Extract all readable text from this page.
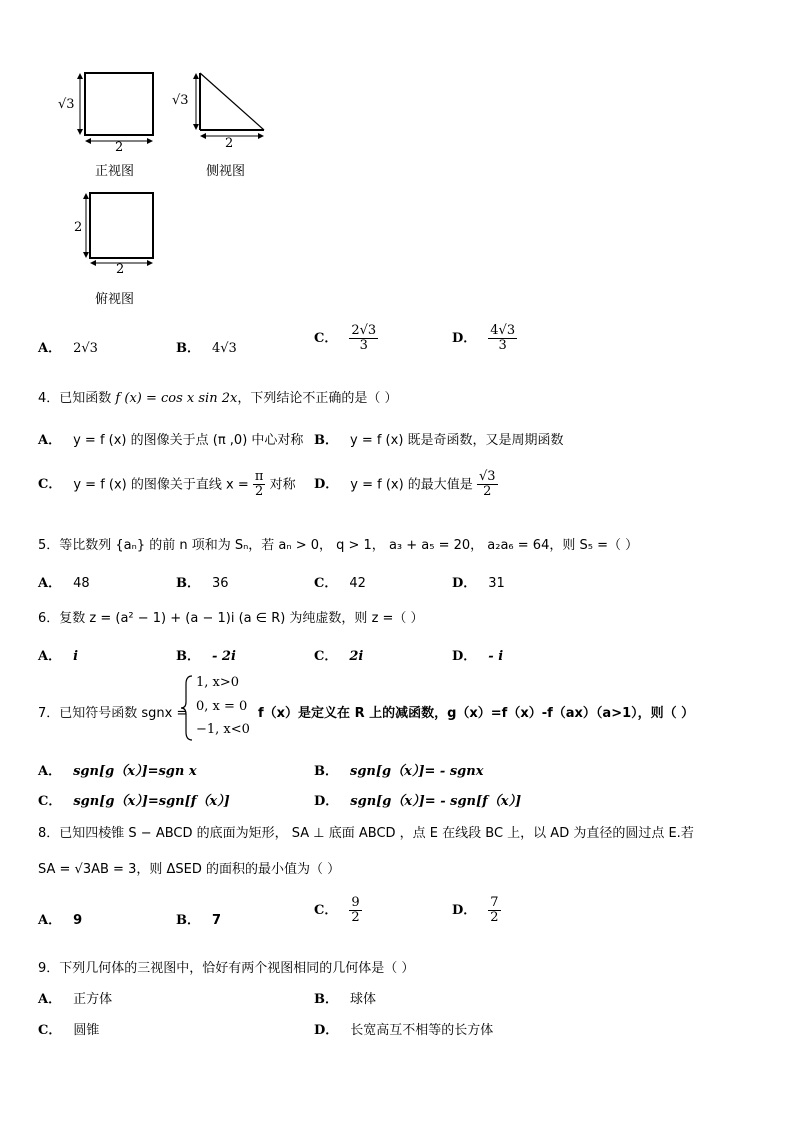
√3
2
正视图
√3
2
侧视图
2
2
俯视图
A． 2√3	B． 4√3
C． $\frac{2√3}{3}$	D． $\frac{4√3}{3}$
4．已知函数 f (x) = cos x sin 2x，下列结论不正确的是（ ）
A． y = f (x) 的图像关于点 (π ,0) 中心对称 B． y = f (x) 既是奇函数，又是周期函数
C． y = f (x) 的图像关于直线 $x = \frac{\pi}{2}$ 对称 D． y = f (x) 的最大值是 $\frac{√3}{2}$
5．等比数列 {aₙ} 的前 n 项和为 Sₙ，若 aₙ > 0， q > 1， a₃ + a₅ = 20， a₂a₆ = 64，则 S₅ =（ ）
A． 48	B． 36	C． 42	D． 31
6．复数 z = (a² − 1) + (a − 1)i (a ∈ R) 为纯虚数，则 z =（ ）
A． i	B． - 2i	C． 2i	D． - i
7．已知符号函数 sgnx =
1, x>0
0, x = 0
−1, x<0
f（x）是定义在 R 上的减函数，g（x）=f（x）-f（ax）（a>1），则（ ）
A． sgn[g（x）]=sgn x	B． sgn[g（x）]= - sgnx
C． sgn[g（x）]=sgn[f（x）]	D． sgn[g（x）]= - sgn[f（x）]
8．已知四棱锥 S − ABCD 的底面为矩形， SA ⊥ 底面 ABCD ，点 E 在线段 BC 上，以 AD 为直径的圆过点 E.若
SA = √3AB = 3，则 ΔSED 的面积的最小值为（ ）
A． 9	B． 7
C． $\frac{9}{2}$	D． $\frac{7}{2}$
9．下列几何体的三视图中，恰好有两个视图相同的几何体是（ ）
A． 正方体	B． 球体
C． 圆锥	D． 长宽高互不相等的长方体
